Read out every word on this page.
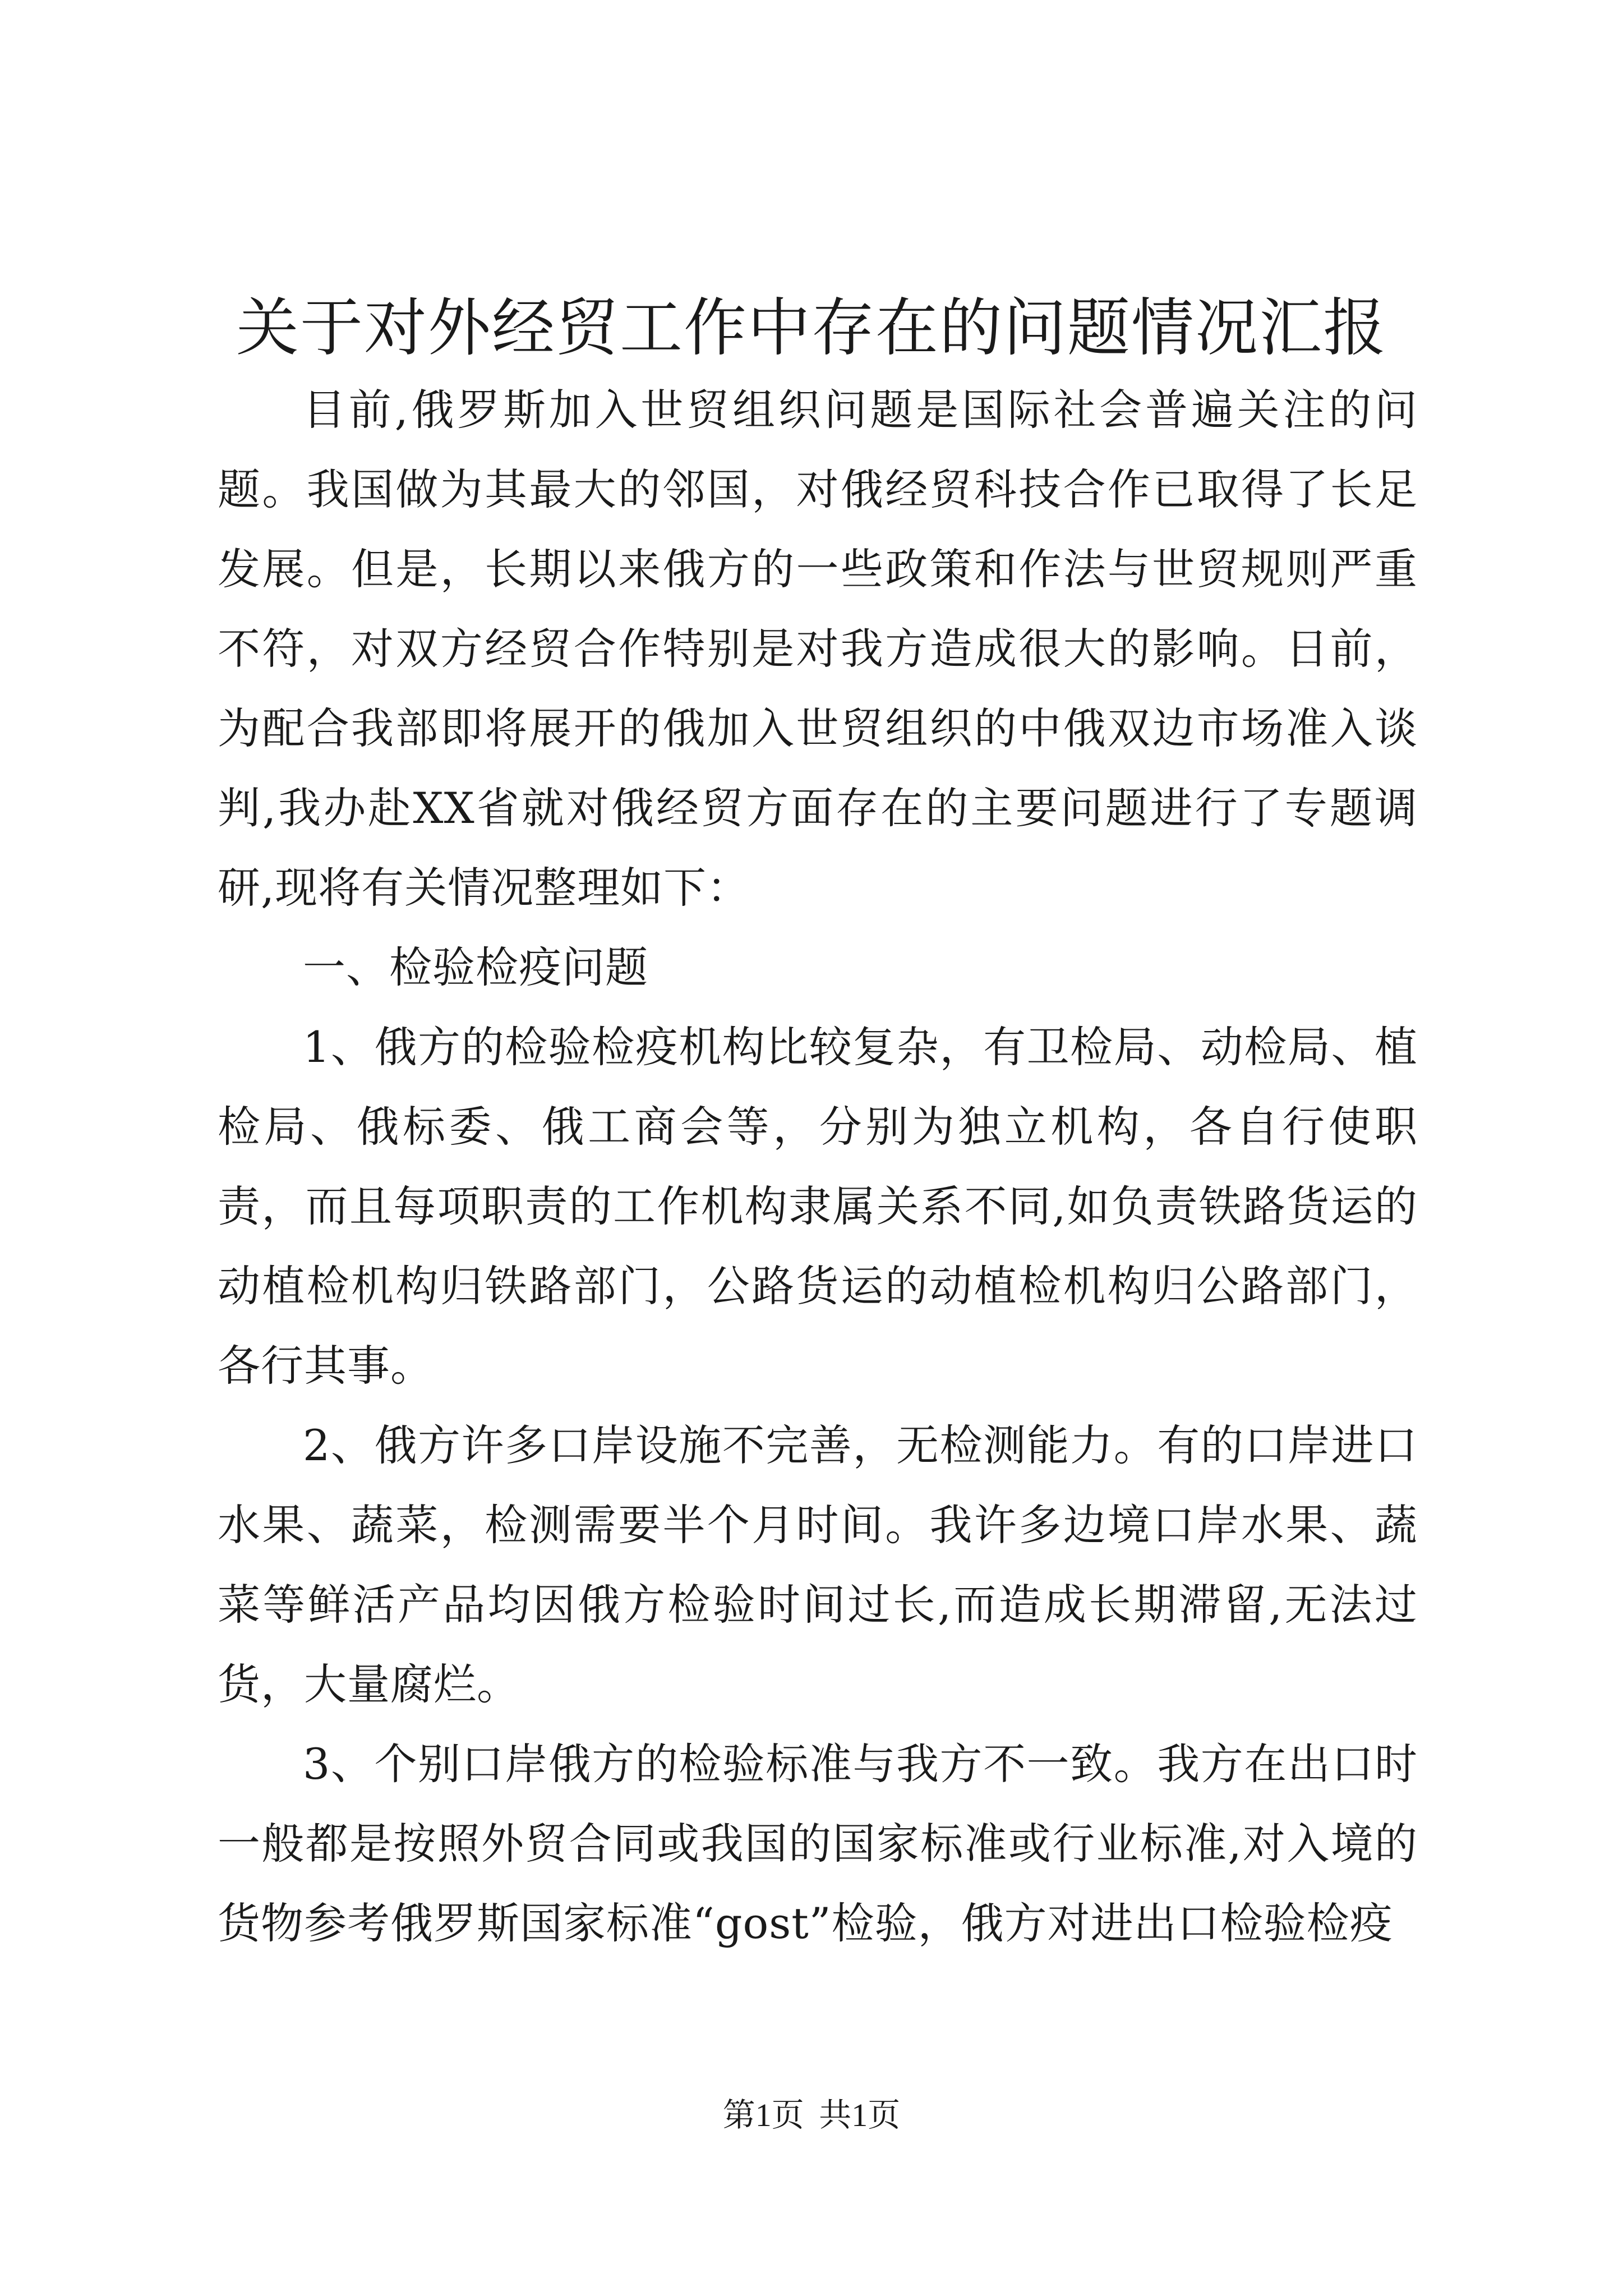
关于对外经贸工作中存在的问题情况汇报

目前,俄罗斯加入世贸组织问题是国际社会普遍关注的问题。我国做为其最大的邻国，对俄经贸科技合作已取得了长足发展。但是，长期以来俄方的一些政策和作法与世贸规则严重不符，对双方经贸合作特别是对我方造成很大的影响。日前，为配合我部即将展开的俄加入世贸组织的中俄双边市场准入谈判,我办赴XX省就对俄经贸方面存在的主要问题进行了专题调研,现将有关情况整理如下：

一、检验检疫问题

1、俄方的检验检疫机构比较复杂，有卫检局、动检局、植检局、俄标委、俄工商会等，分别为独立机构，各自行使职责，而且每项职责的工作机构隶属关系不同,如负责铁路货运的动植检机构归铁路部门，公路货运的动植检机构归公路部门，各行其事。

2、俄方许多口岸设施不完善，无检测能力。有的口岸进口水果、蔬菜，检测需要半个月时间。我许多边境口岸水果、蔬菜等鲜活产品均因俄方检验时间过长,而造成长期滞留,无法过货，大量腐烂。

3、个别口岸俄方的检验标准与我方不一致。我方在出口时一般都是按照外贸合同或我国的国家标准或行业标准,对入境的货物参考俄罗斯国家标准“gost”检验，俄方对进出口检验检疫

第1页 共1页
